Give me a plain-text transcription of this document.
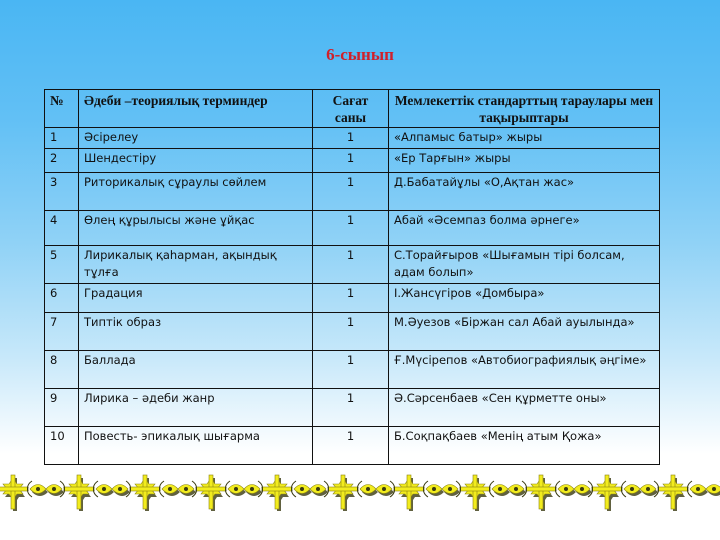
6-сынып
№	Әдеби –теориялық терминдер	Сағат саны	Мемлекеттік стандарттың тараулары мен тақырыптары
1	Әсірелеу	1	«Алпамыс батыр» жыры
2	Шендестіру	1	«Ер Тарғын» жыры
3	Риторикалық сұраулы сөйлем	1	Д.Бабатайұлы «О,Ақтан жас»
4	Өлең құрылысы және ұйқас	1	Абай «Әсемпаз болма әрнеге»
5	Лирикалық қаһарман, ақындық тұлға	1	С.Торайғыров «Шығамын тірі болсам, адам болып»
6	Градация	1	І.Жансүгіров «Домбыра»
7	Типтік образ	1	М.Әуезов «Біржан сал Абай ауылында»
8	Баллада	1	Ғ.Мүсірепов «Автобиографиялық әңгіме»
9	Лирика – әдеби жанр	1	Ә.Сәрсенбаев «Сен құрметте оны»
10	Повесть- эпикалық шығарма	1	Б.Соқпақбаев «Менің атым Қожа»
